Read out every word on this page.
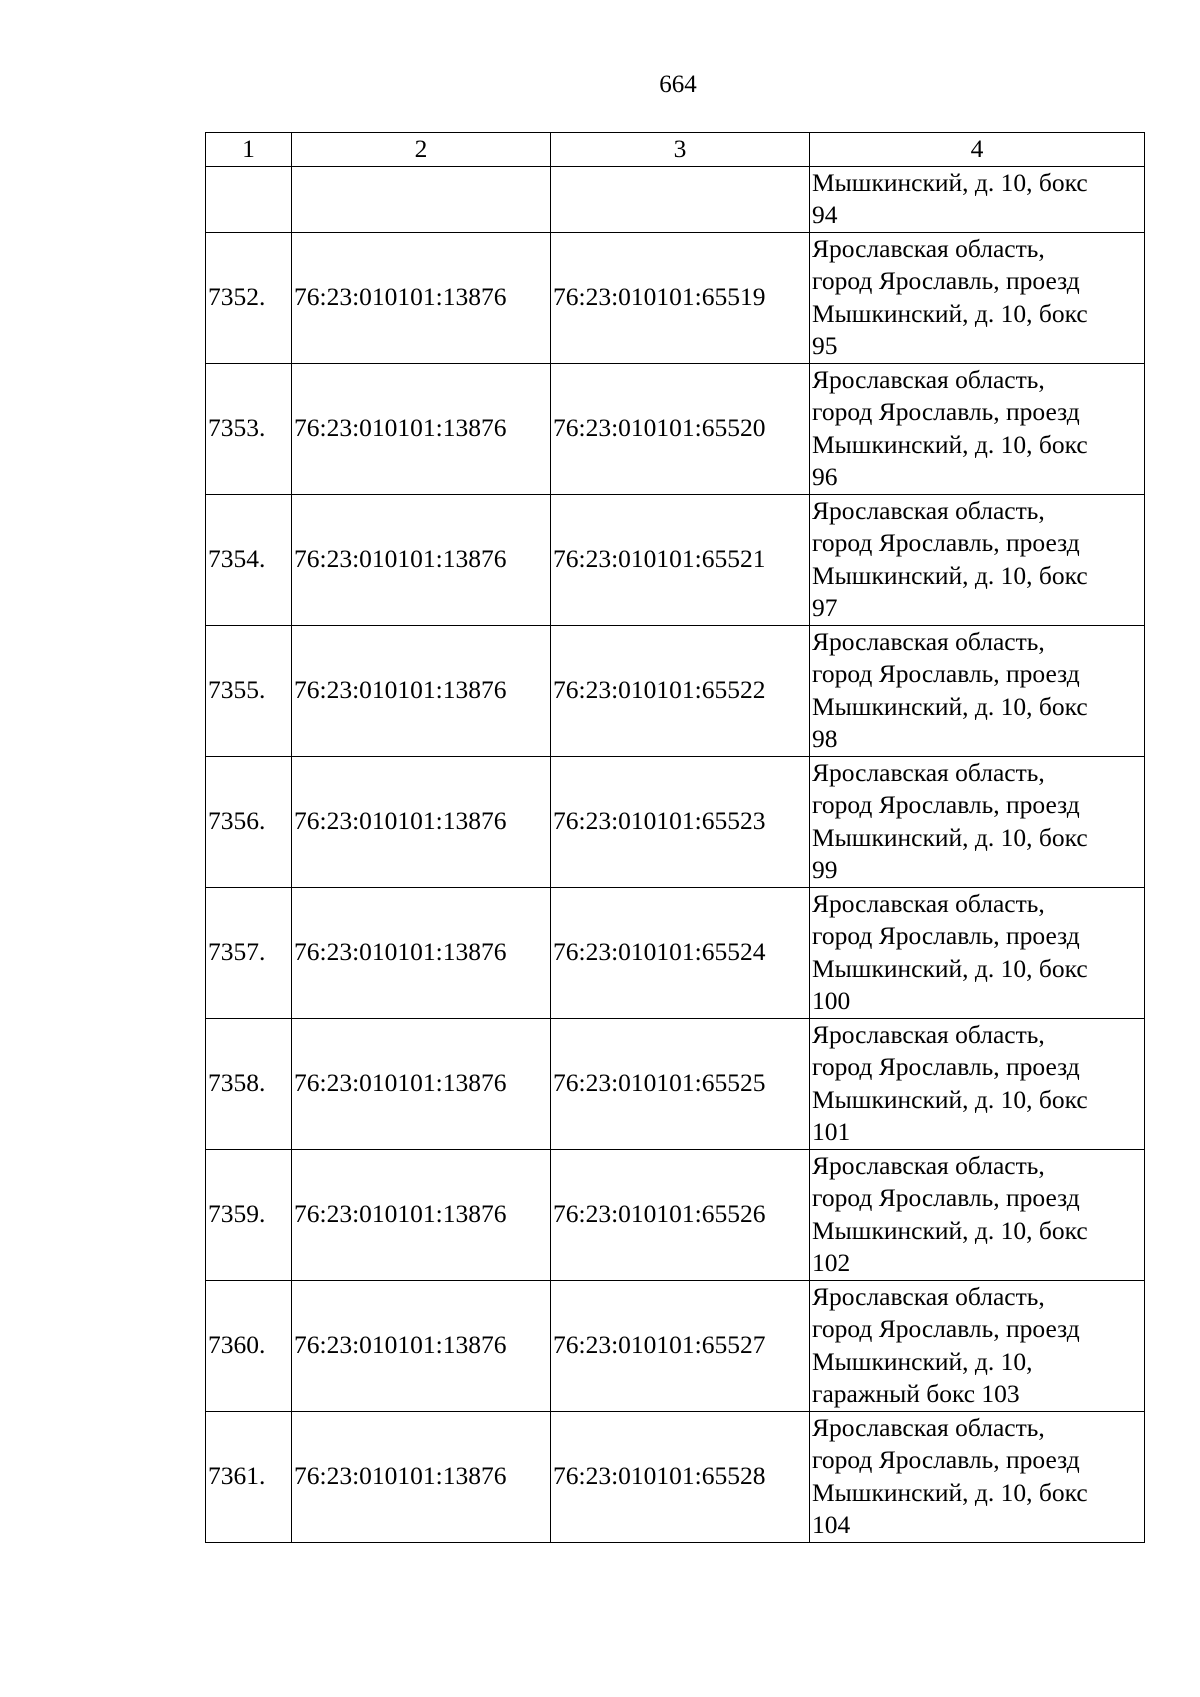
664
1	2	3	4

			Мышкинский, д. 10, бокс
94

7352.	76:23:010101:13876	76:23:010101:65519	Ярославская область,
город Ярославль, проезд
Мышкинский, д. 10, бокс
95

7353.	76:23:010101:13876	76:23:010101:65520	Ярославская область,
город Ярославль, проезд
Мышкинский, д. 10, бокс
96

7354.	76:23:010101:13876	76:23:010101:65521	Ярославская область,
город Ярославль, проезд
Мышкинский, д. 10, бокс
97

7355.	76:23:010101:13876	76:23:010101:65522	Ярославская область,
город Ярославль, проезд
Мышкинский, д. 10, бокс
98

7356.	76:23:010101:13876	76:23:010101:65523	Ярославская область,
город Ярославль, проезд
Мышкинский, д. 10, бокс
99

7357.	76:23:010101:13876	76:23:010101:65524	Ярославская область,
город Ярославль, проезд
Мышкинский, д. 10, бокс
100

7358.	76:23:010101:13876	76:23:010101:65525	Ярославская область,
город Ярославль, проезд
Мышкинский, д. 10, бокс
101

7359.	76:23:010101:13876	76:23:010101:65526	Ярославская область,
город Ярославль, проезд
Мышкинский, д. 10, бокс
102

7360.	76:23:010101:13876	76:23:010101:65527	Ярославская область,
город Ярославль, проезд
Мышкинский, д. 10,
гаражный бокс 103

7361.	76:23:010101:13876	76:23:010101:65528	Ярославская область,
город Ярославль, проезд
Мышкинский, д. 10, бокс
104
